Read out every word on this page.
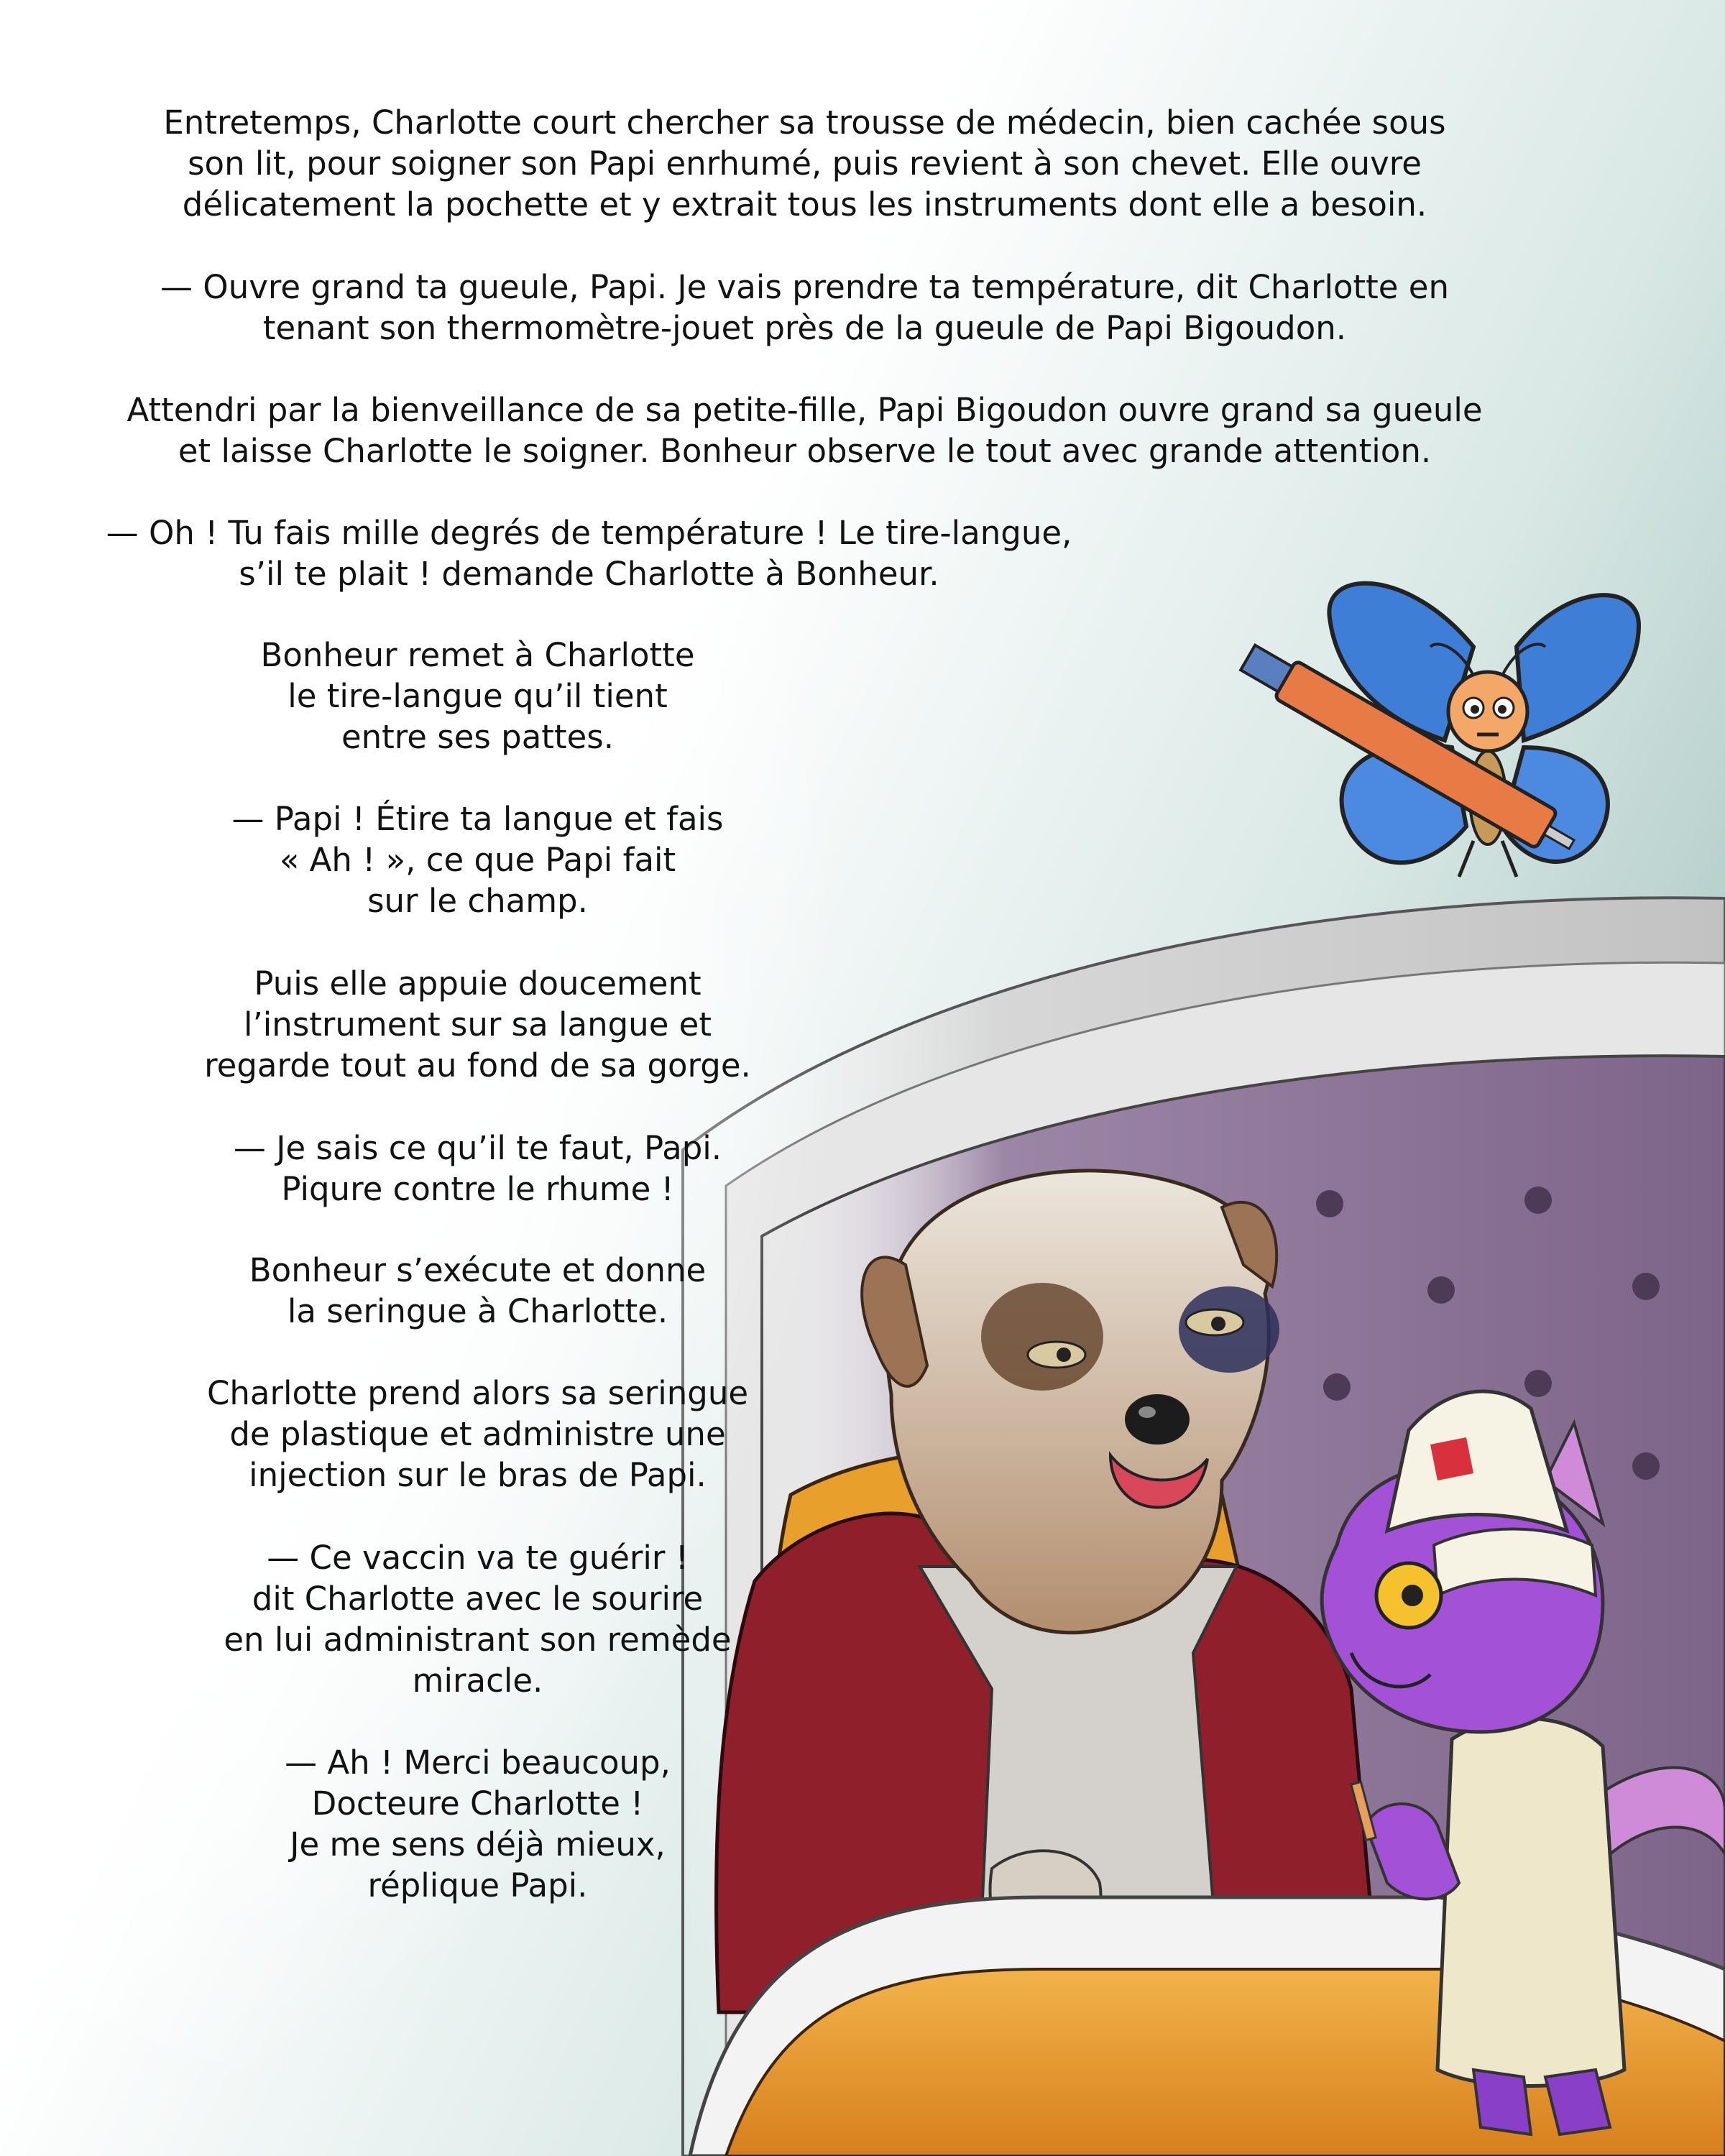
Entretemps, Charlotte court chercher sa trousse de médecin, bien cachée sous
son lit, pour soigner son Papi enrhumé, puis revient à son chevet. Elle ouvre
délicatement la pochette et y extrait tous les instruments dont elle a besoin.
— Ouvre grand ta gueule, Papi. Je vais prendre ta température, dit Charlotte en
tenant son thermomètre-jouet près de la gueule de Papi Bigoudon.
Attendri par la bienveillance de sa petite-fille, Papi Bigoudon ouvre grand sa gueule
et laisse Charlotte le soigner. Bonheur observe le tout avec grande attention.
— Oh ! Tu fais mille degrés de température ! Le tire-langue,
s’il te plait ! demande Charlotte à Bonheur.
Bonheur remet à Charlotte
le tire-langue qu’il tient
entre ses pattes.
— Papi ! Étire ta langue et fais
« Ah ! », ce que Papi fait
sur le champ.
Puis elle appuie doucement
l’instrument sur sa langue et
regarde tout au fond de sa gorge.
— Je sais ce qu’il te faut, Papi.
Piqure contre le rhume !
Bonheur s’exécute et donne
la seringue à Charlotte.
Charlotte prend alors sa seringue
de plastique et administre une
injection sur le bras de Papi.
— Ce vaccin va te guérir !
dit Charlotte avec le sourire
en lui administrant son remède
miracle.
— Ah ! Merci beaucoup,
Docteure Charlotte !
Je me sens déjà mieux,
réplique Papi.
